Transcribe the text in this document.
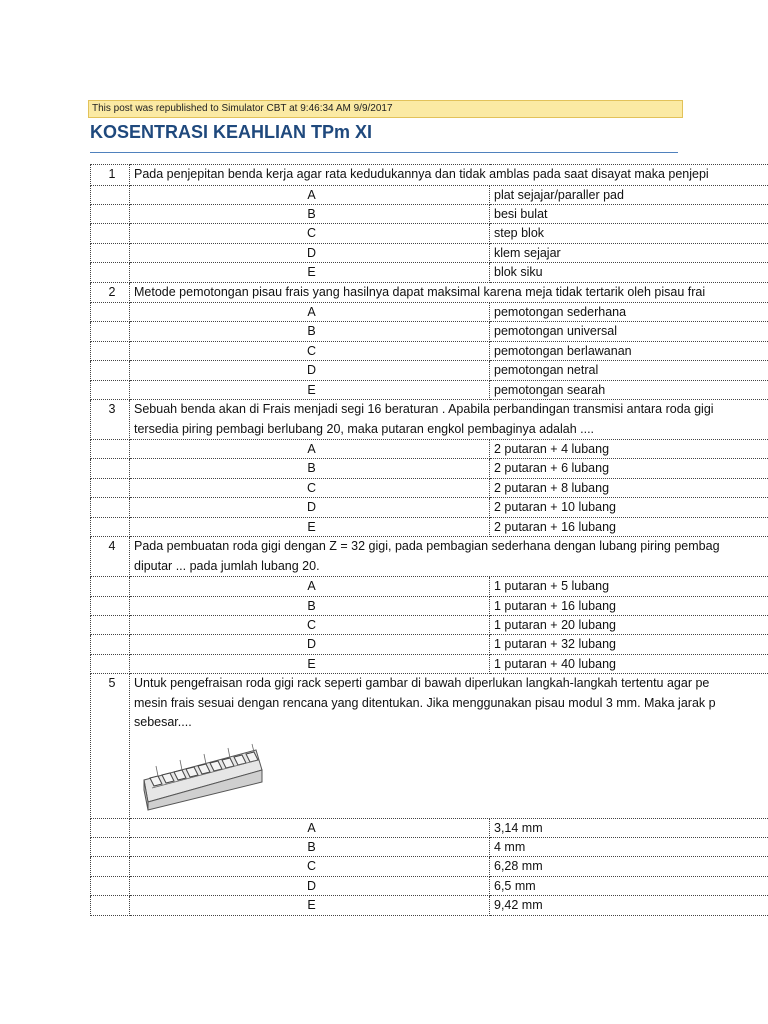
This post was republished to Simulator CBT at 9:46:34 AM 9/9/2017
KOSENTRASI KEAHLIAN TPm XI
1	Pada penjepitan benda kerja agar rata kedudukannya dan tidak amblas pada saat disayat maka penjepi	

	A	plat sejajar/paraller pad
	B	besi bulat
	C	step blok
	D	klem sejajar
	E	blok siku
2	Metode pemotongan pisau frais yang hasilnya dapat maksimal karena meja tidak tertarik oleh pisau frai	

	A	pemotongan sederhana
	B	pemotongan universal
	C	pemotongan berlawanan
	D	pemotongan netral
	E	pemotongan searah
3	Sebuah benda akan di Frais menjadi segi 16 beraturan . Apabila perbandingan transmisi antara roda gigi
tersedia piring pembagi berlubang 20, maka putaran engkol pembaginya adalah ....	

	A	2 putaran + 4 lubang
	B	2 putaran + 6 lubang
	C	2 putaran + 8 lubang
	D	2 putaran + 10 lubang
	E	2 putaran + 16 lubang
4	Pada pembuatan roda gigi dengan Z = 32 gigi, pada pembagian sederhana dengan lubang piring pembag
diputar ... pada jumlah lubang 20.	

	A	1 putaran + 5 lubang
	B	1 putaran + 16 lubang
	C	1 putaran + 20 lubang
	D	1 putaran + 32 lubang
	E	1 putaran + 40 lubang
5	Untuk pengefraisan roda gigi rack seperti gambar di bawah diperlukan langkah-langkah tertentu agar pe
mesin frais sesuai dengan rencana yang ditentukan. Jika menggunakan pisau modul 3 mm. Maka jarak p
sebesar....	

	A	3,14 mm
	B	4 mm
	C	6,28 mm
	D	6,5 mm
	E	9,42 mm
